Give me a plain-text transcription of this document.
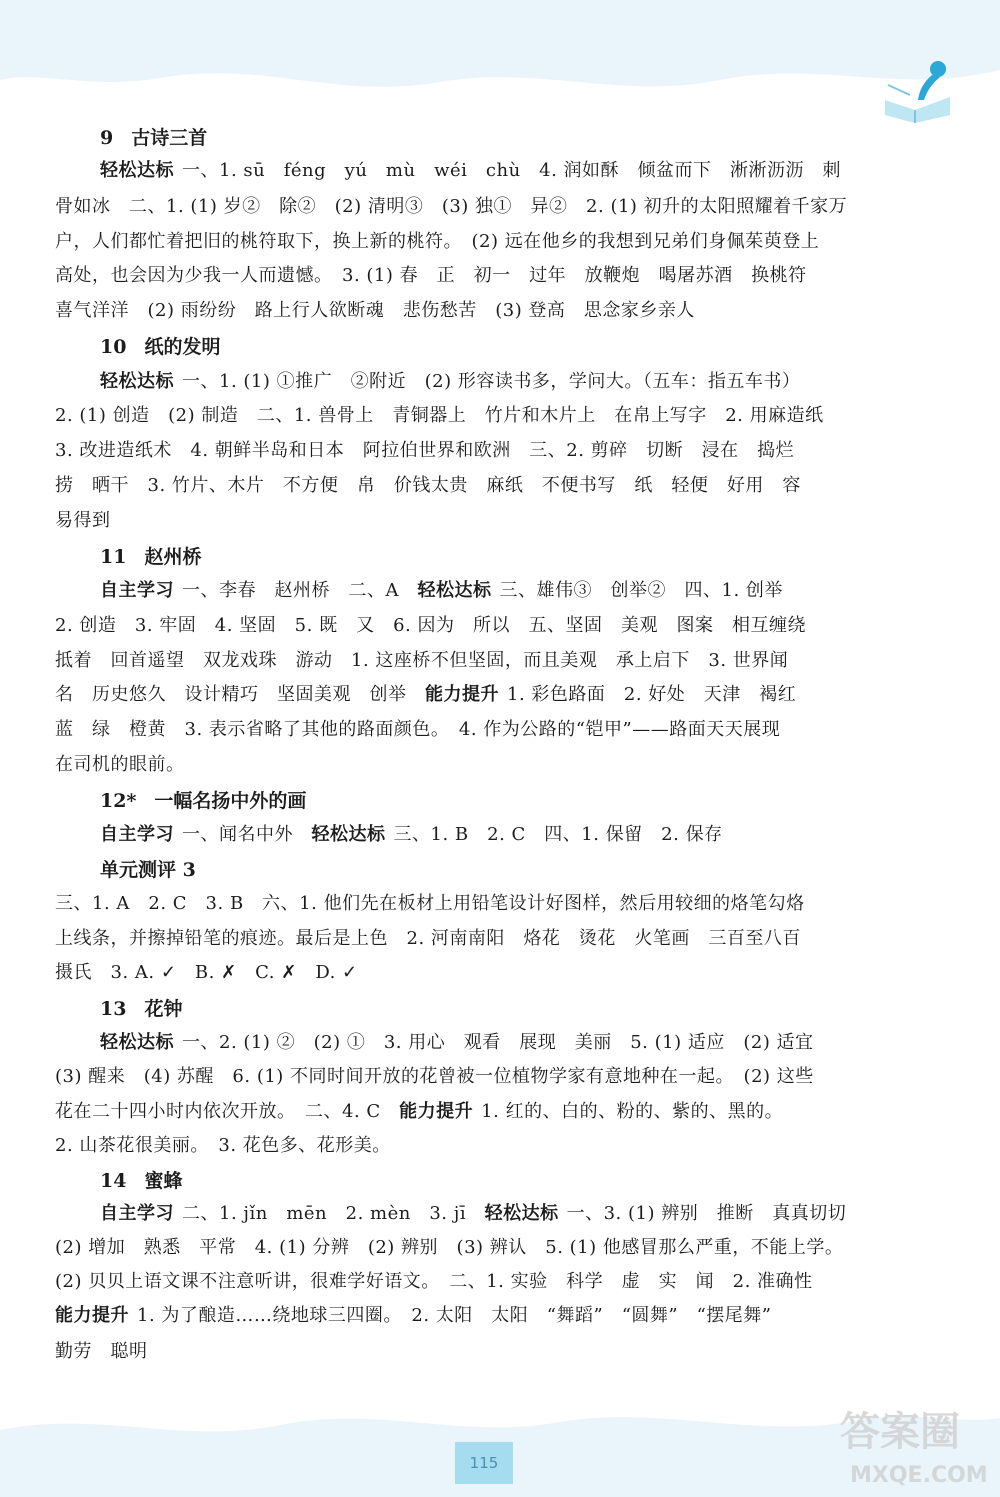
9 古诗三首
轻松达标 一、1. sū　féng　yú　mù　wéi　chù　4. 润如酥　倾盆而下　淅淅沥沥　刺
骨如冰　二、1. (1) 岁②　除②　(2) 清明③　(3) 独①　异②　2. (1) 初升的太阳照耀着千家万
户，人们都忙着把旧的桃符取下，换上新的桃符。　(2) 远在他乡的我想到兄弟们身佩茱萸登上
高处，也会因为少我一人而遗憾。　3. (1) 春　正　初一　过年　放鞭炮　喝屠苏酒　换桃符
喜气洋洋　(2) 雨纷纷　路上行人欲断魂　悲伤愁苦　(3) 登高　思念家乡亲人
10 纸的发明
轻松达标 一、1. (1) ①推广　②附近　(2) 形容读书多，学问大。（五车：指五车书）
2. (1) 创造　(2) 制造　二、1. 兽骨上　青铜器上　竹片和木片上　在帛上写字　2. 用麻造纸
3. 改进造纸术　4. 朝鲜半岛和日本　阿拉伯世界和欧洲　三、2. 剪碎　切断　浸在　捣烂
捞　晒干　3. 竹片、木片　不方便　帛　价钱太贵　麻纸　不便书写　纸　轻便　好用　容
易得到
11 赵州桥
自主学习 一、李春　赵州桥　二、A　 轻松达标 三、雄伟③　创举②　四、1. 创举
2. 创造　3. 牢固　4. 坚固　5. 既　又　6. 因为　所以　五、坚固　美观　图案　相互缠绕
抵着　回首遥望　双龙戏珠　游动　1. 这座桥不但坚固，而且美观　承上启下　3. 世界闻
名　历史悠久　设计精巧　坚固美观　创举　 能力提升 1. 彩色路面　2. 好处　天津　褐红
蓝　绿　橙黄　3. 表示省略了其他的路面颜色。　4. 作为公路的“铠甲”——路面天天展现
在司机的眼前。
12* 一幅名扬中外的画
自主学习 一、闻名中外　 轻松达标 三、1. B　2. C　四、1. 保留　2. 保存
单元测评 3
三、1. A　2. C　3. B　六、1. 他们先在板材上用铅笔设计好图样，然后用较细的烙笔勾烙
上线条，并擦掉铅笔的痕迹。最后是上色　2. 河南南阳　烙花　烫花　火笔画　三百至八百
摄氏　3. A. ✓　B. ✗　C. ✗　D. ✓
13 花钟
轻松达标 一、2. (1) ②　(2) ①　3. 用心　观看　展现　美丽　5. (1) 适应　(2) 适宜
(3) 醒来　(4) 苏醒　6. (1) 不同时间开放的花曾被一位植物学家有意地种在一起。　(2) 这些
花在二十四小时内依次开放。　二、4. C　 能力提升 1. 红的、白的、粉的、紫的、黑的。
2. 山茶花很美丽。　3. 花色多、花形美。
14 蜜蜂
自主学习 二、1. jǐn　mēn　2. mèn　3. jī　 轻松达标 一、3. (1) 辨别　推断　真真切切
(2) 增加　熟悉　平常　4. (1) 分辨　(2) 辨别　(3) 辨认　5. (1) 他感冒那么严重，不能上学。
(2) 贝贝上语文课不注意听讲，很难学好语文。　二、1. 实验　科学　虚　实　闻　2. 准确性
能力提升 1. 为了酿造……绕地球三四圈。　2. 太阳　太阳　“舞蹈”　“圆舞”　“摆尾舞”
勤劳　聪明
115
答案圈
MXQE.COM
